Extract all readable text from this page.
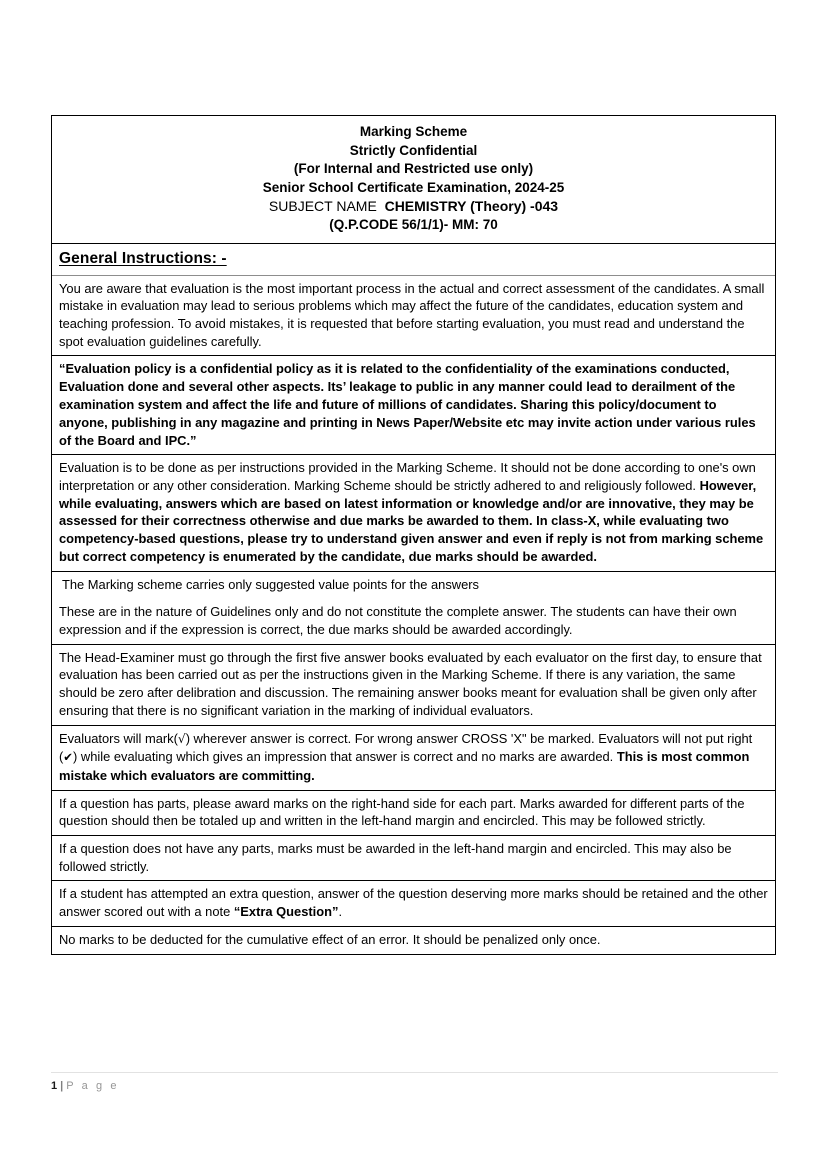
Marking Scheme
Strictly Confidential
(For Internal and Restricted use only)
Senior School Certificate Examination, 2024-25
SUBJECT NAME CHEMISTRY (Theory) -043
(Q.P.CODE 56/1/1)- MM: 70
General Instructions: -

You are aware that evaluation is the most important process in the actual and correct assessment of the candidates. A small mistake in evaluation may lead to serious problems which may affect the future of the candidates, education system and teaching profession. To avoid mistakes, it is requested that before starting evaluation, you must read and understand the spot evaluation guidelines carefully.

“Evaluation policy is a confidential policy as it is related to the confidentiality of the examinations conducted, Evaluation done and several other aspects. Its’ leakage to public in any manner could lead to derailment of the examination system and affect the life and future of millions of candidates. Sharing this policy/document to anyone, publishing in any magazine and printing in News Paper/Website etc may invite action under various rules of the Board and IPC.”

Evaluation is to be done as per instructions provided in the Marking Scheme. It should not be done according to one's own interpretation or any other consideration. Marking Scheme should be strictly adhered to and religiously followed. However, while evaluating, answers which are based on latest information or knowledge and/or are innovative, they may be assessed for their correctness otherwise and due marks be awarded to them. In class-X, while evaluating two competency-based questions, please try to understand given answer and even if reply is not from marking scheme but correct competency is enumerated by the candidate, due marks should be awarded.

The Marking scheme carries only suggested value points for the answers

These are in the nature of Guidelines only and do not constitute the complete answer. The students can have their own expression and if the expression is correct, the due marks should be awarded accordingly.

The Head-Examiner must go through the first five answer books evaluated by each evaluator on the first day, to ensure that evaluation has been carried out as per the instructions given in the Marking Scheme. If there is any variation, the same should be zero after delibration and discussion. The remaining answer books meant for evaluation shall be given only after ensuring that there is no significant variation in the marking of individual evaluators.

Evaluators will mark(√) wherever answer is correct. For wrong answer CROSS 'X" be marked. Evaluators will not put right (✔) while evaluating which gives an impression that answer is correct and no marks are awarded. This is most common mistake which evaluators are committing.

If a question has parts, please award marks on the right-hand side for each part. Marks awarded for different parts of the question should then be totaled up and written in the left-hand margin and encircled. This may be followed strictly.

If a question does not have any parts, marks must be awarded in the left-hand margin and encircled. This may also be followed strictly.

If a student has attempted an extra question, answer of the question deserving more marks should be retained and the other answer scored out with a note “Extra Question”.

No marks to be deducted for the cumulative effect of an error. It should be penalized only once.

1 | P a g e
